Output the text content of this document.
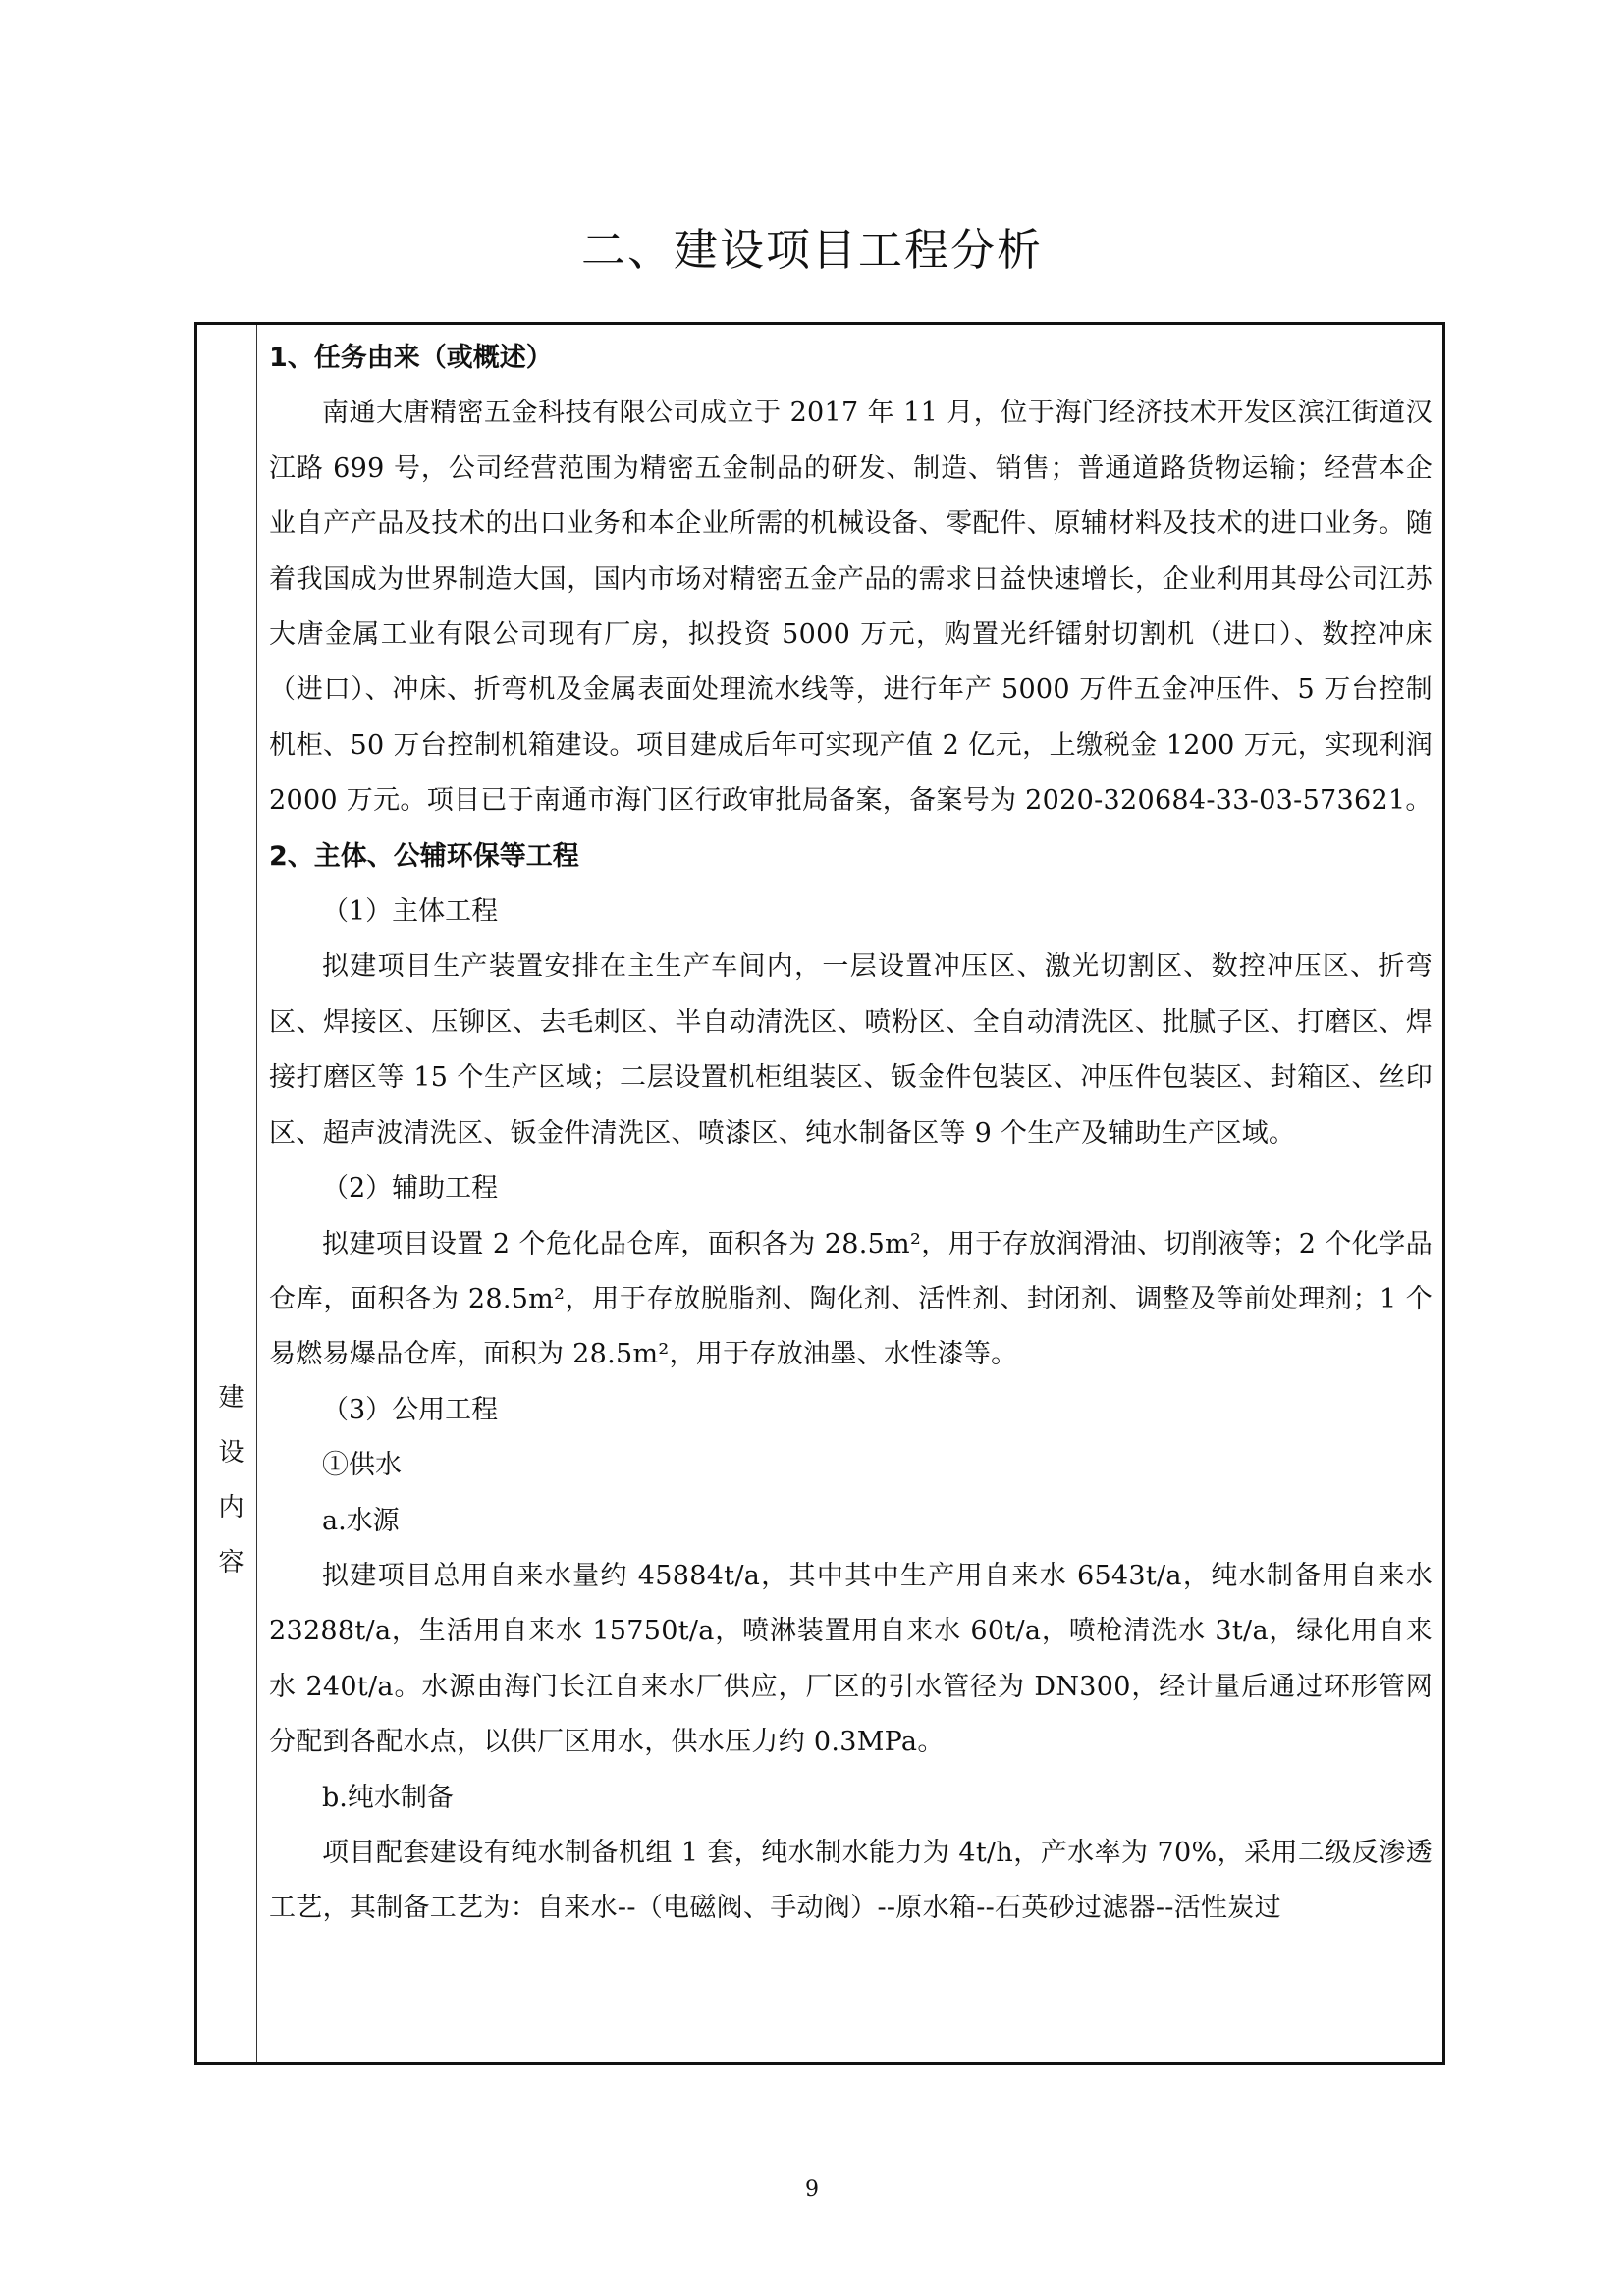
二、建设项目工程分析
建设内容

1、任务由来（或概述）

南通大唐精密五金科技有限公司成立于 2017 年 11 月，位于海门经济技术开发区滨江街道汉江路 699 号，公司经营范围为精密五金制品的研发、制造、销售；普通道路货物运输；经营本企业自产产品及技术的出口业务和本企业所需的机械设备、零配件、原辅材料及技术的进口业务。随着我国成为世界制造大国，国内市场对精密五金产品的需求日益快速增长，企业利用其母公司江苏大唐金属工业有限公司现有厂房，拟投资 5000 万元，购置光纤镭射切割机（进口）、数控冲床（进口）、冲床、折弯机及金属表面处理流水线等，进行年产 5000 万件五金冲压件、5 万台控制机柜、50 万台控制机箱建设。项目建成后年可实现产值 2 亿元，上缴税金 1200 万元，实现利润 2000 万元。项目已于南通市海门区行政审批局备案，备案号为 2020-320684-33-03-573621。

2、主体、公辅环保等工程

（1）主体工程

拟建项目生产装置安排在主生产车间内，一层设置冲压区、激光切割区、数控冲压区、折弯区、焊接区、压铆区、去毛刺区、半自动清洗区、喷粉区、全自动清洗区、批腻子区、打磨区、焊接打磨区等 15 个生产区域；二层设置机柜组装区、钣金件包装区、冲压件包装区、封箱区、丝印区、超声波清洗区、钣金件清洗区、喷漆区、纯水制备区等 9 个生产及辅助生产区域。

（2）辅助工程

拟建项目设置 2 个危化品仓库，面积各为 28.5m²，用于存放润滑油、切削液等；2 个化学品仓库，面积各为 28.5m²，用于存放脱脂剂、陶化剂、活性剂、封闭剂、调整及等前处理剂；1 个易燃易爆品仓库，面积为 28.5m²，用于存放油墨、水性漆等。

（3）公用工程

①供水

a.水源

拟建项目总用自来水量约 45884t/a，其中其中生产用自来水 6543t/a，纯水制备用自来水 23288t/a，生活用自来水 15750t/a，喷淋装置用自来水 60t/a，喷枪清洗水 3t/a，绿化用自来水 240t/a。水源由海门长江自来水厂供应，厂区的引水管径为 DN300，经计量后通过环形管网分配到各配水点，以供厂区用水，供水压力约 0.3MPa。

b.纯水制备

项目配套建设有纯水制备机组 1 套，纯水制水能力为 4t/h，产水率为 70%，采用二级反渗透工艺，其制备工艺为：自来水--（电磁阀、手动阀）--原水箱--石英砂过滤器--活性炭过

9
